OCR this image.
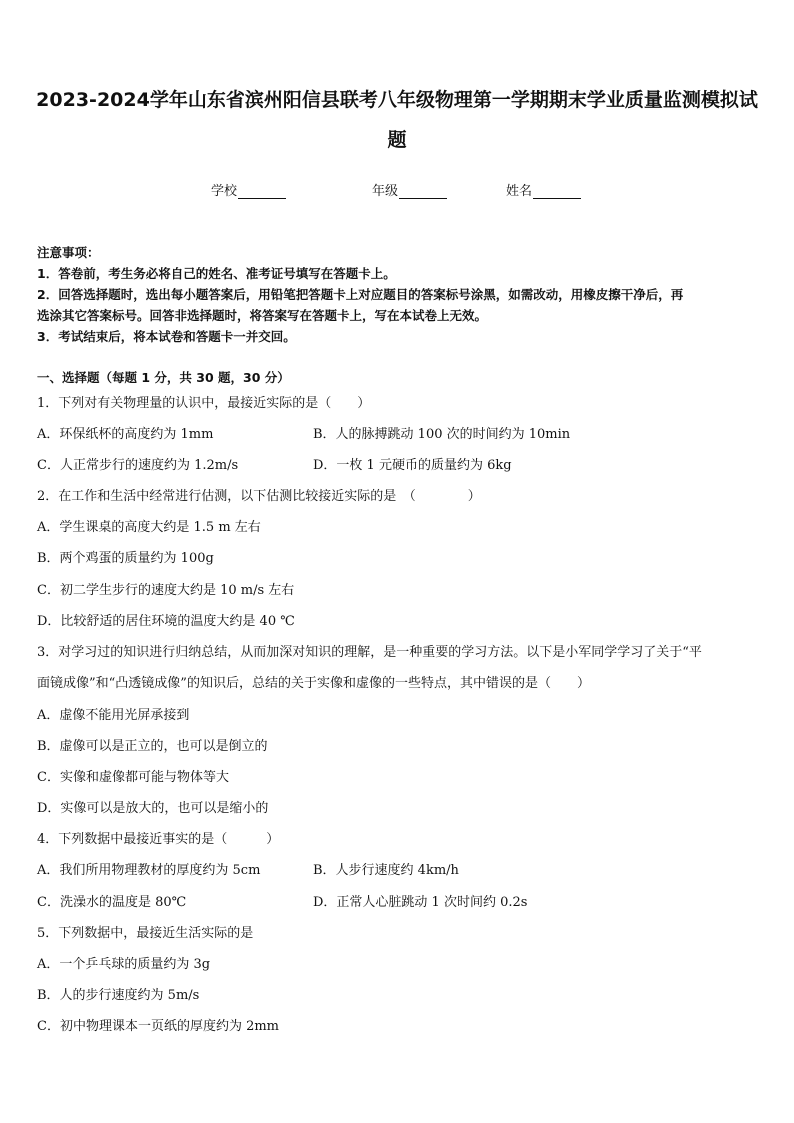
2023-2024学年山东省滨州阳信县联考八年级物理第一学期期末学业质量监测模拟试
题
学校	年级	姓名
注意事项：
1．答卷前，考生务必将自己的姓名、准考证号填写在答题卡上。
2．回答选择题时，选出每小题答案后，用铅笔把答题卡上对应题目的答案标号涂黑，如需改动，用橡皮擦干净后，再
选涂其它答案标号。回答非选择题时，将答案写在答题卡上，写在本试卷上无效。
3．考试结束后，将本试卷和答题卡一并交回。
一、选择题（每题 1 分，共 30 题，30 分）
1．下列对有关物理量的认识中，最接近实际的是（　　）
A．环保纸杯的高度约为 1mm	B．人的脉搏跳动 100 次的时间约为 10min
C．人正常步行的速度约为 1.2m/s	D．一枚 1 元硬币的质量约为 6kg
2．在工作和生活中经常进行估测，以下估测比较接近实际的是　（　　　　）
A．学生课桌的高度大约是 1.5 m 左右
B．两个鸡蛋的质量约为 100g
C．初二学生步行的速度大约是 10 m/s 左右
D．比较舒适的居住环境的温度大约是 40 ℃
3．对学习过的知识进行归纳总结，从而加深对知识的理解，是一种重要的学习方法。以下是小军同学学习了关于“平
面镜成像”和“凸透镜成像”的知识后，总结的关于实像和虚像的一些特点，其中错误的是（　　）
A．虚像不能用光屏承接到
B．虚像可以是正立的，也可以是倒立的
C．实像和虚像都可能与物体等大
D．实像可以是放大的，也可以是缩小的
4．下列数据中最接近事实的是（　　　）
A．我们所用物理教材的厚度约为 5cm	B．人步行速度约 4km/h
C．洗澡水的温度是 80℃	D．正常人心脏跳动 1 次时间约 0.2s
5．下列数据中，最接近生活实际的是
A．一个乒乓球的质量约为 3g
B．人的步行速度约为 5m/s
C．初中物理课本一页纸的厚度约为 2mm
